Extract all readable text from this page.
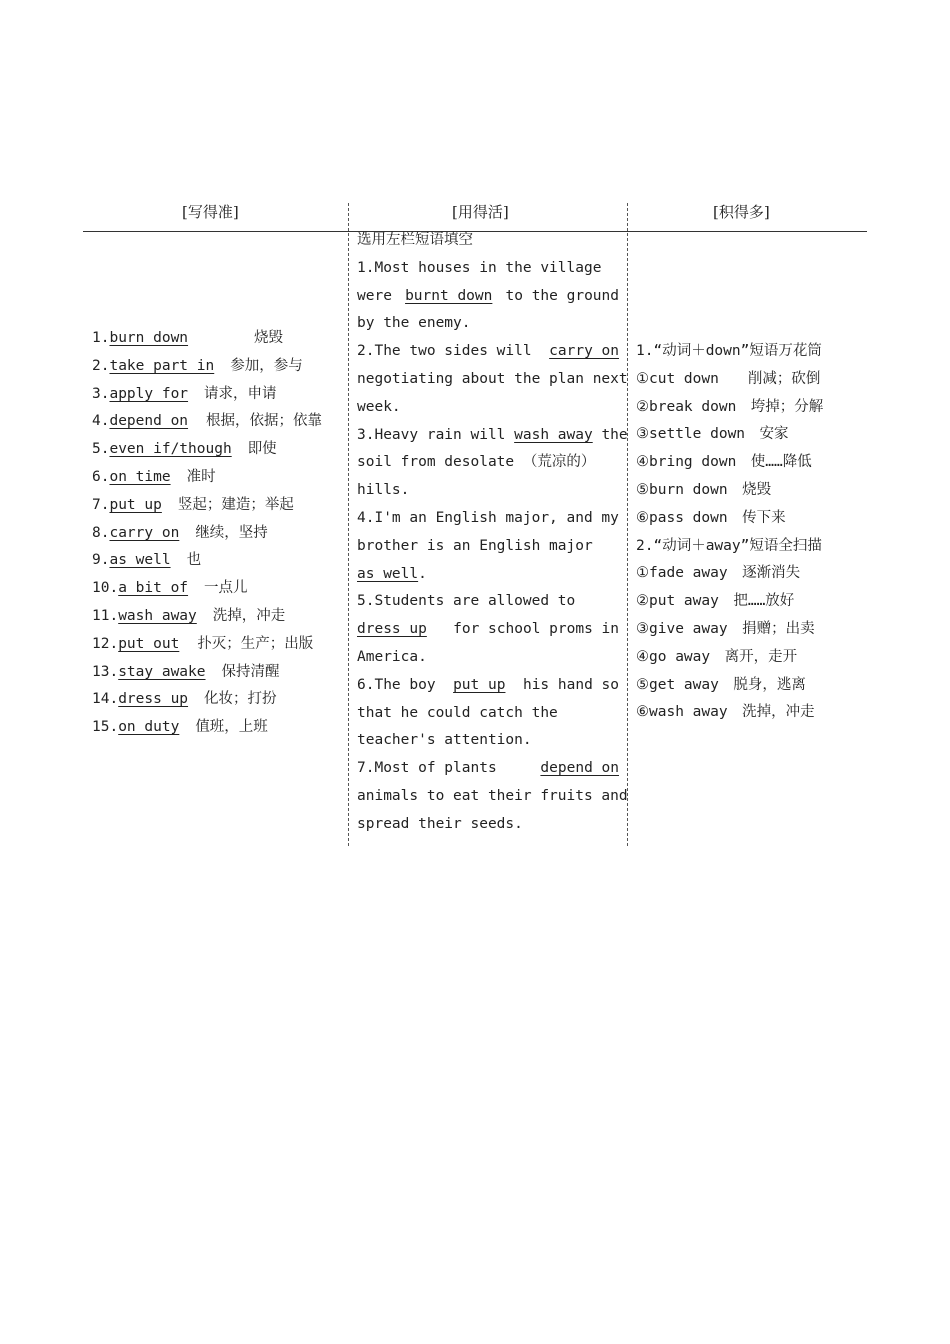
[写得准]	[用得活]	[积得多]
1.burn down	烧毁
2.take part in 参加，参与
3.apply for 请求，申请
4.depend on 根据，依据；依靠
5.even if/though 即使
6.on time 准时
7.put up 竖起；建造；举起
8.carry on 继续，坚持
9.as well 也
10.a bit of 一点儿
11.wash away 洗掉，冲走
12.put out 扑灭；生产；出版
13.stay awake 保持清醒
14.dress up 化妆；打扮
15.on duty 值班，上班
选用左栏短语填空
1.Most houses in the village
were burnt down to the ground
by the enemy.
2.The two sides will carry on
negotiating about the plan next
week.
3.Heavy rain will wash away the
soil from desolate （荒凉的）
hills.
4.I'm an English major, and my
brother is an English major
as well.
5.Students are allowed to
dress up for school proms in
America.
6.The boy put up his hand so
that he could catch the
teacher's attention.
7.Most of plants depend on
animals to eat their fruits and
spread their seeds.
1.“动词＋down”短语万花筒
①cut down　　削减；砍倒
②break down　垮掉；分解
③settle down　安家
④bring down　使……降低
⑤burn down　烧毁
⑥pass down　传下来
2.“动词＋away”短语全扫描
①fade away　逐渐消失
②put away　把……放好
③give away　捐赠；出卖
④go away　离开，走开
⑤get away　脱身，逃离
⑥wash away　洗掉，冲走
